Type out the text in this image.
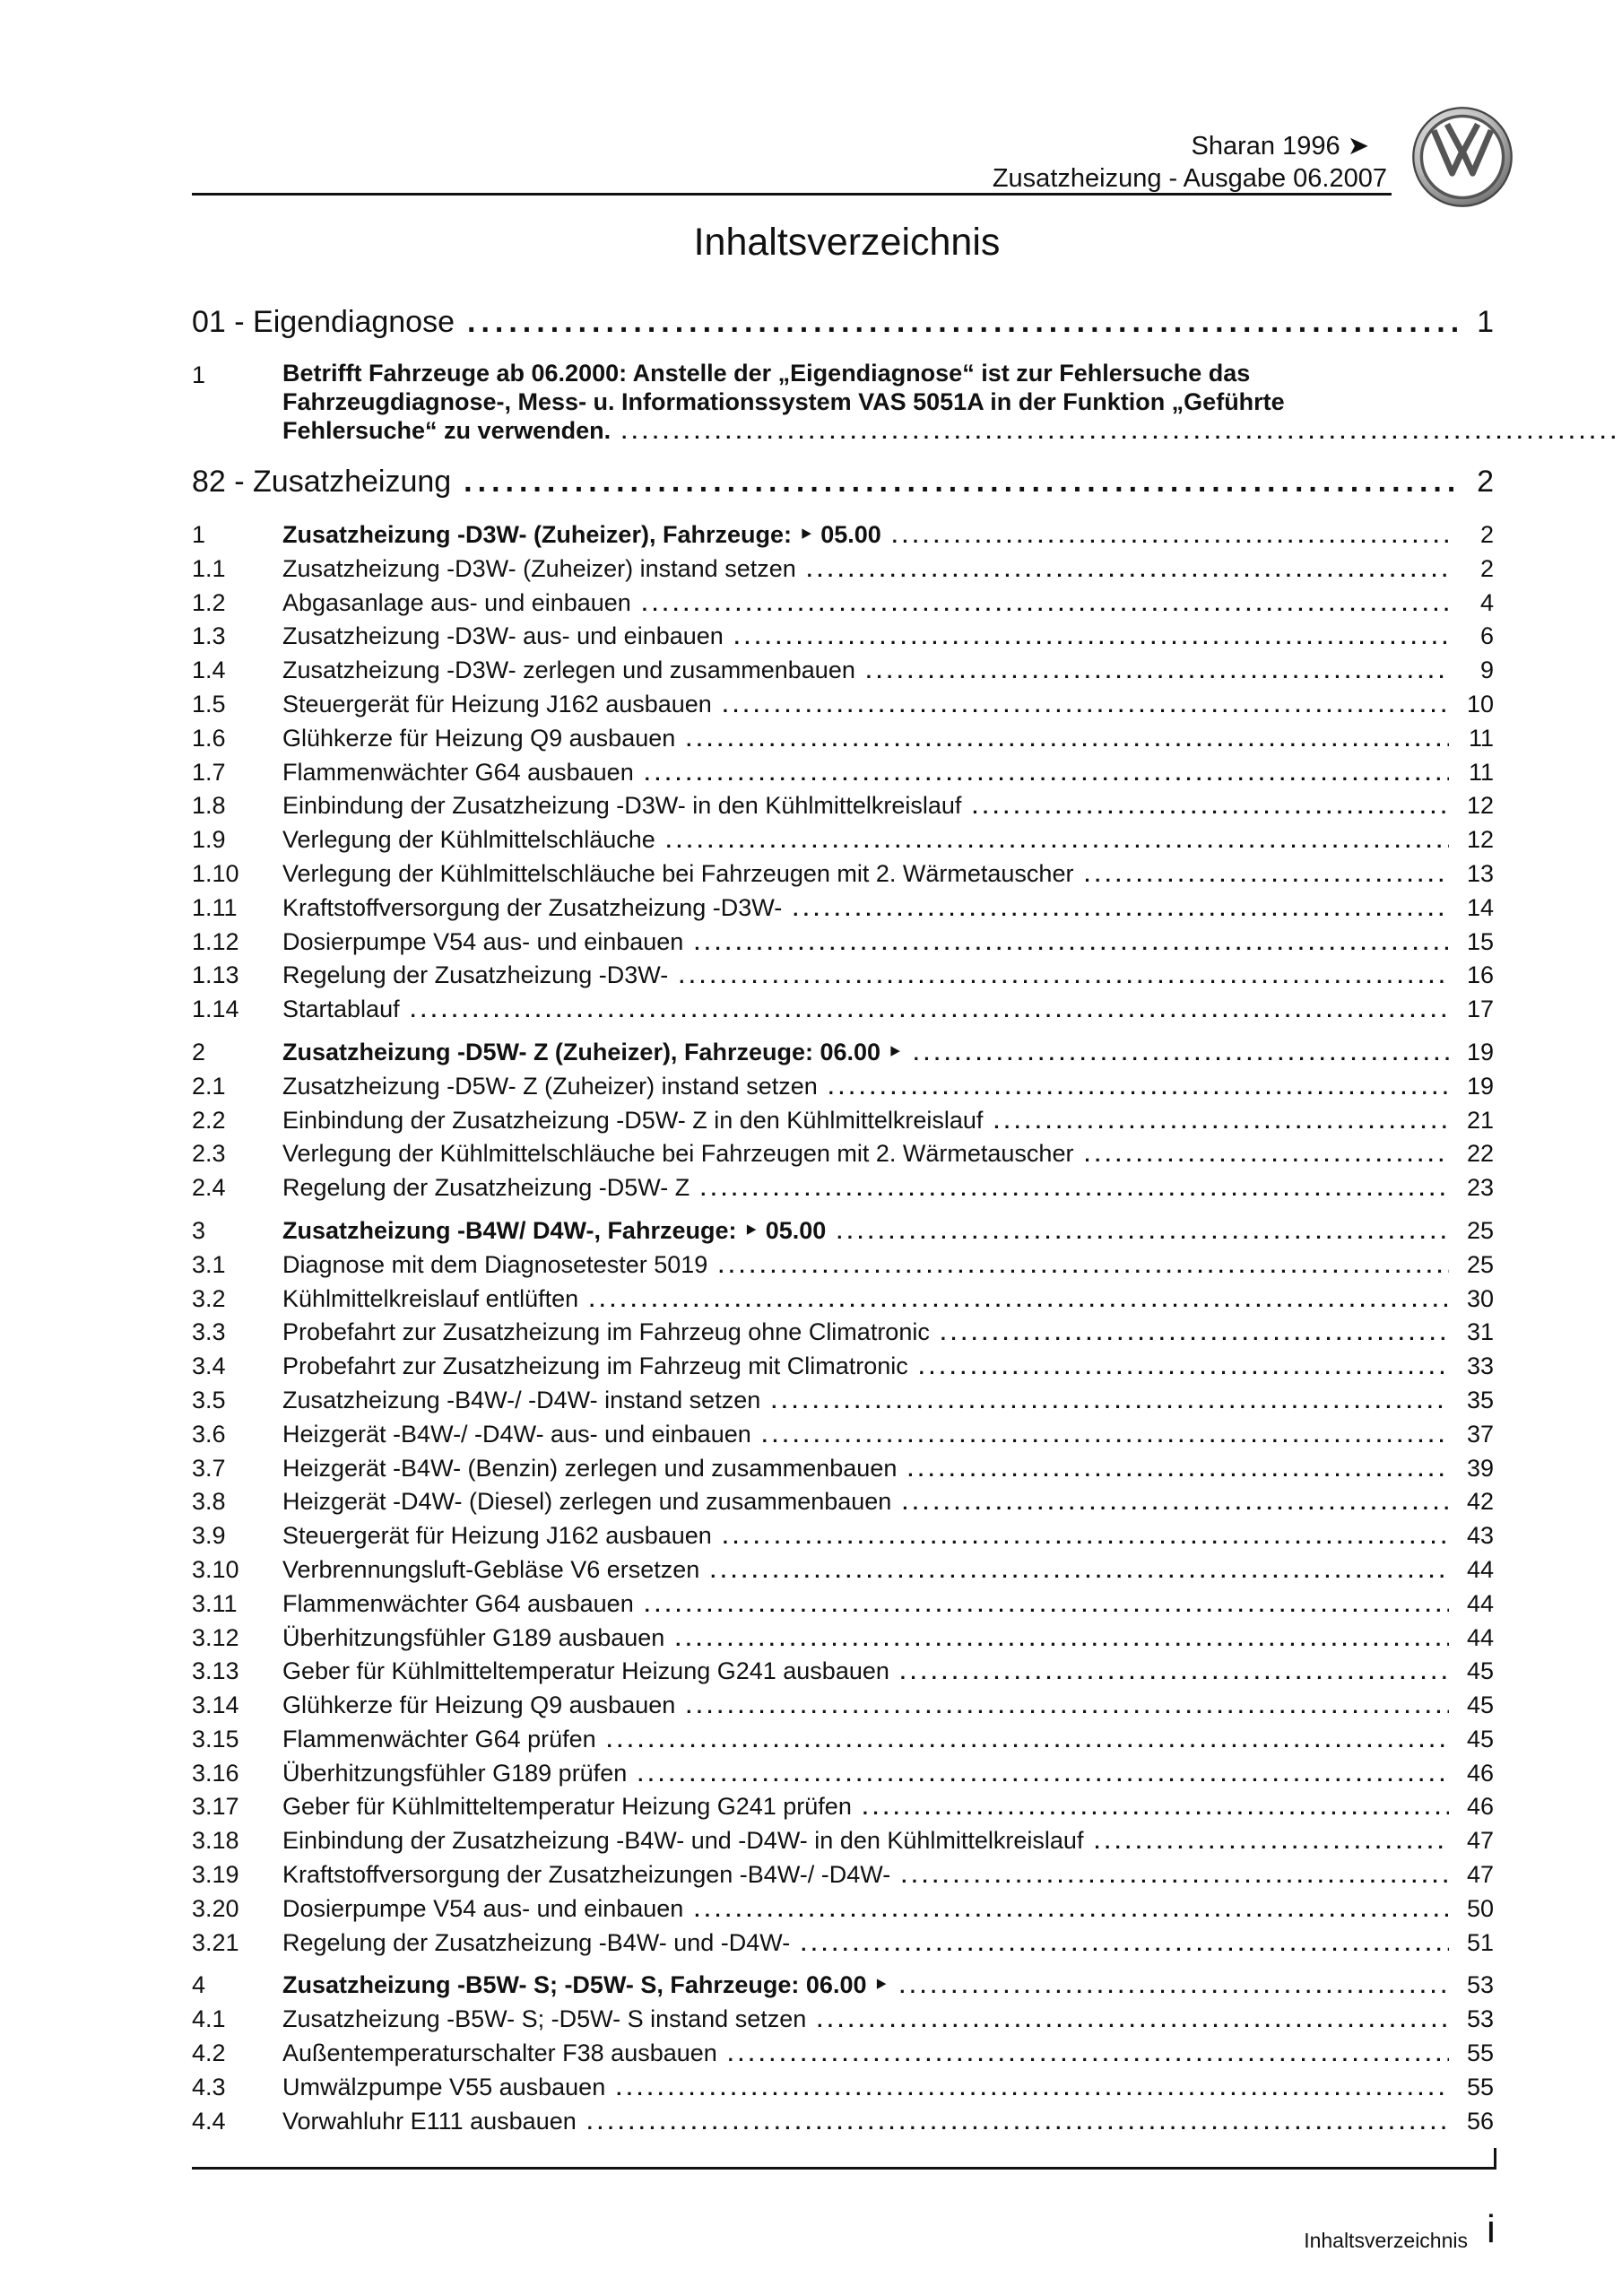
Sharan 1996 ➤
Zusatzheizung - Ausgabe 06.2007
Inhaltsverzeichnis
01 - Eigendiagnose .....	1
1	Betrifft Fahrzeuge ab 06.2000: Anstelle der „Eigendiagnose“ ist zur Fehlersuche das
Fahrzeugdiagnose-, Mess- u. Informationssystem VAS 5051A in der Funktion „Geführte
Fehlersuche“ zu verwenden.
.....
82 - Zusatzheizung .....	2
1	Zusatzheizung -D3W- (Zuheizer), Fahrzeuge: ‣ 05.00 .....	2
1.1	Zusatzheizung -D3W- (Zuheizer) instand setzen .....	2
1.2	Abgasanlage aus- und einbauen .....	4
1.3	Zusatzheizung -D3W- aus- und einbauen .....	6
1.4	Zusatzheizung -D3W- zerlegen und zusammenbauen .....	9
1.5	Steuergerät für Heizung J162 ausbauen .....	10
1.6	Glühkerze für Heizung Q9 ausbauen .....	11
1.7	Flammenwächter G64 ausbauen .....	11
1.8	Einbindung der Zusatzheizung -D3W- in den Kühlmittelkreislauf .....	12
1.9	Verlegung der Kühlmittelschläuche .....	12
1.10	Verlegung der Kühlmittelschläuche bei Fahrzeugen mit 2. Wärmetauscher .....	13
1.11	Kraftstoffversorgung der Zusatzheizung -D3W- .....	14
1.12	Dosierpumpe V54 aus- und einbauen .....	15
1.13	Regelung der Zusatzheizung -D3W- .....	16
1.14	Startablauf .....	17
2	Zusatzheizung -D5W- Z (Zuheizer), Fahrzeuge: 06.00 ‣ .....	19
2.1	Zusatzheizung -D5W- Z (Zuheizer) instand setzen .....	19
2.2	Einbindung der Zusatzheizung -D5W- Z in den Kühlmittelkreislauf .....	21
2.3	Verlegung der Kühlmittelschläuche bei Fahrzeugen mit 2. Wärmetauscher .....	22
2.4	Regelung der Zusatzheizung -D5W- Z .....	23
3	Zusatzheizung -B4W/ D4W-, Fahrzeuge: ‣ 05.00 .....	25
3.1	Diagnose mit dem Diagnosetester 5019 .....	25
3.2	Kühlmittelkreislauf entlüften .....	30
3.3	Probefahrt zur Zusatzheizung im Fahrzeug ohne Climatronic .....	31
3.4	Probefahrt zur Zusatzheizung im Fahrzeug mit Climatronic .....	33
3.5	Zusatzheizung -B4W-/ -D4W- instand setzen .....	35
3.6	Heizgerät -B4W-/ -D4W- aus- und einbauen .....	37
3.7	Heizgerät -B4W- (Benzin) zerlegen und zusammenbauen .....	39
3.8	Heizgerät -D4W- (Diesel) zerlegen und zusammenbauen .....	42
3.9	Steuergerät für Heizung J162 ausbauen .....	43
3.10	Verbrennungsluft-Gebläse V6 ersetzen .....	44
3.11	Flammenwächter G64 ausbauen .....	44
3.12	Überhitzungsfühler G189 ausbauen .....	44
3.13	Geber für Kühlmitteltemperatur Heizung G241 ausbauen .....	45
3.14	Glühkerze für Heizung Q9 ausbauen .....	45
3.15	Flammenwächter G64 prüfen .....	45
3.16	Überhitzungsfühler G189 prüfen .....	46
3.17	Geber für Kühlmitteltemperatur Heizung G241 prüfen .....	46
3.18	Einbindung der Zusatzheizung -B4W- und -D4W- in den Kühlmittelkreislauf .....	47
3.19	Kraftstoffversorgung der Zusatzheizungen -B4W-/ -D4W- .....	47
3.20	Dosierpumpe V54 aus- und einbauen .....	50
3.21	Regelung der Zusatzheizung -B4W- und -D4W- .....	51
4	Zusatzheizung -B5W- S; -D5W- S, Fahrzeuge: 06.00 ‣ .....	53
4.1	Zusatzheizung -B5W- S; -D5W- S instand setzen .....	53
4.2	Außentemperaturschalter F38 ausbauen .....	55
4.3	Umwälzpumpe V55 ausbauen .....	55
4.4	Vorwahluhr E111 ausbauen .....	56
Inhaltsverzeichnis i
